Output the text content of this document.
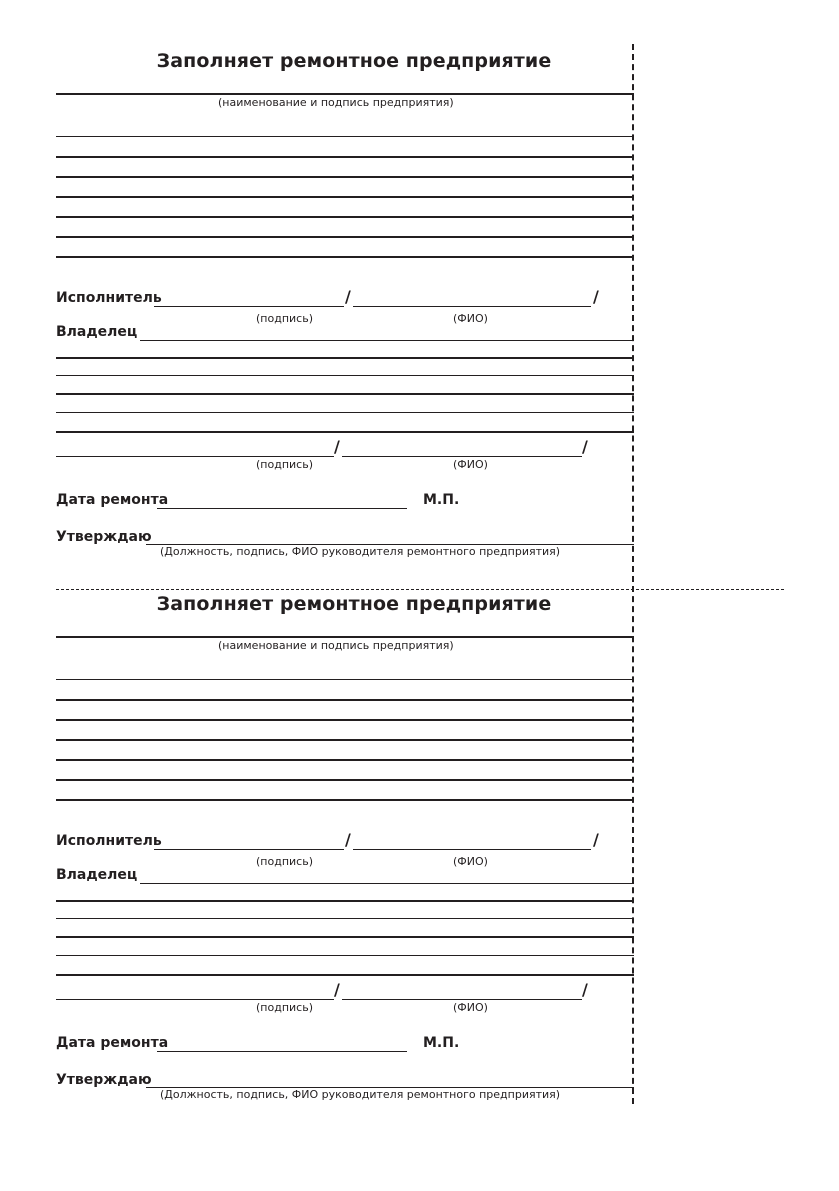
Заполняет ремонтное предприятие
(наименование и подпись предприятия)
Исполнитель	/	/
(подпись)	(ФИО)
Владелец
/	/
(подпись)	(ФИО)
Дата ремонта	М.П.
Утверждаю
(Должность, подпись, ФИО руководителя ремонтного предприятия)
Заполняет ремонтное предприятие
(наименование и подпись предприятия)
Исполнитель	/	/
(подпись)	(ФИО)
Владелец
/	/
(подпись)	(ФИО)
Дата ремонта	М.П.
Утверждаю
(Должность, подпись, ФИО руководителя ремонтного предприятия)
